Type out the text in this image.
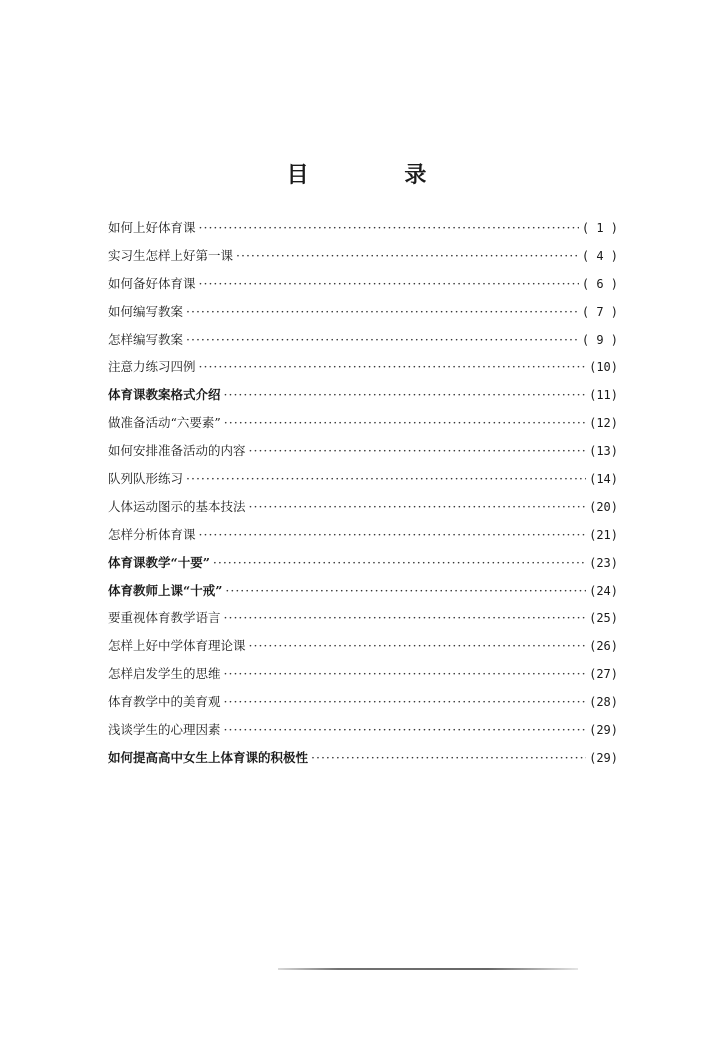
目 录
如何上好体育课 ·····	( 1 )
实习生怎样上好第一课 ·····	( 4 )
如何备好体育课 ·····	( 6 )
如何编写教案 ·····	( 7 )
怎样编写教案 ·····	( 9 )
注意力练习四例 ·····	(10)
体育课教案格式介绍 ·····	(11)
做准备活动“六要素” ·····	(12)
如何安排准备活动的内容 ·····	(13)
队列队形练习 ·····	(14)
人体运动图示的基本技法 ·····	(20)
怎样分析体育课 ·····	(21)
体育课教学“十要” ·····	(23)
体育教师上课“十戒” ·····	(24)
要重视体育教学语言 ·····	(25)
怎样上好中学体育理论课 ·····	(26)
怎样启发学生的思维 ·····	(27)
体育教学中的美育观 ·····	(28)
浅谈学生的心理因素 ·····	(29)
如何提高高中女生上体育课的积极性 ·····	(29)
